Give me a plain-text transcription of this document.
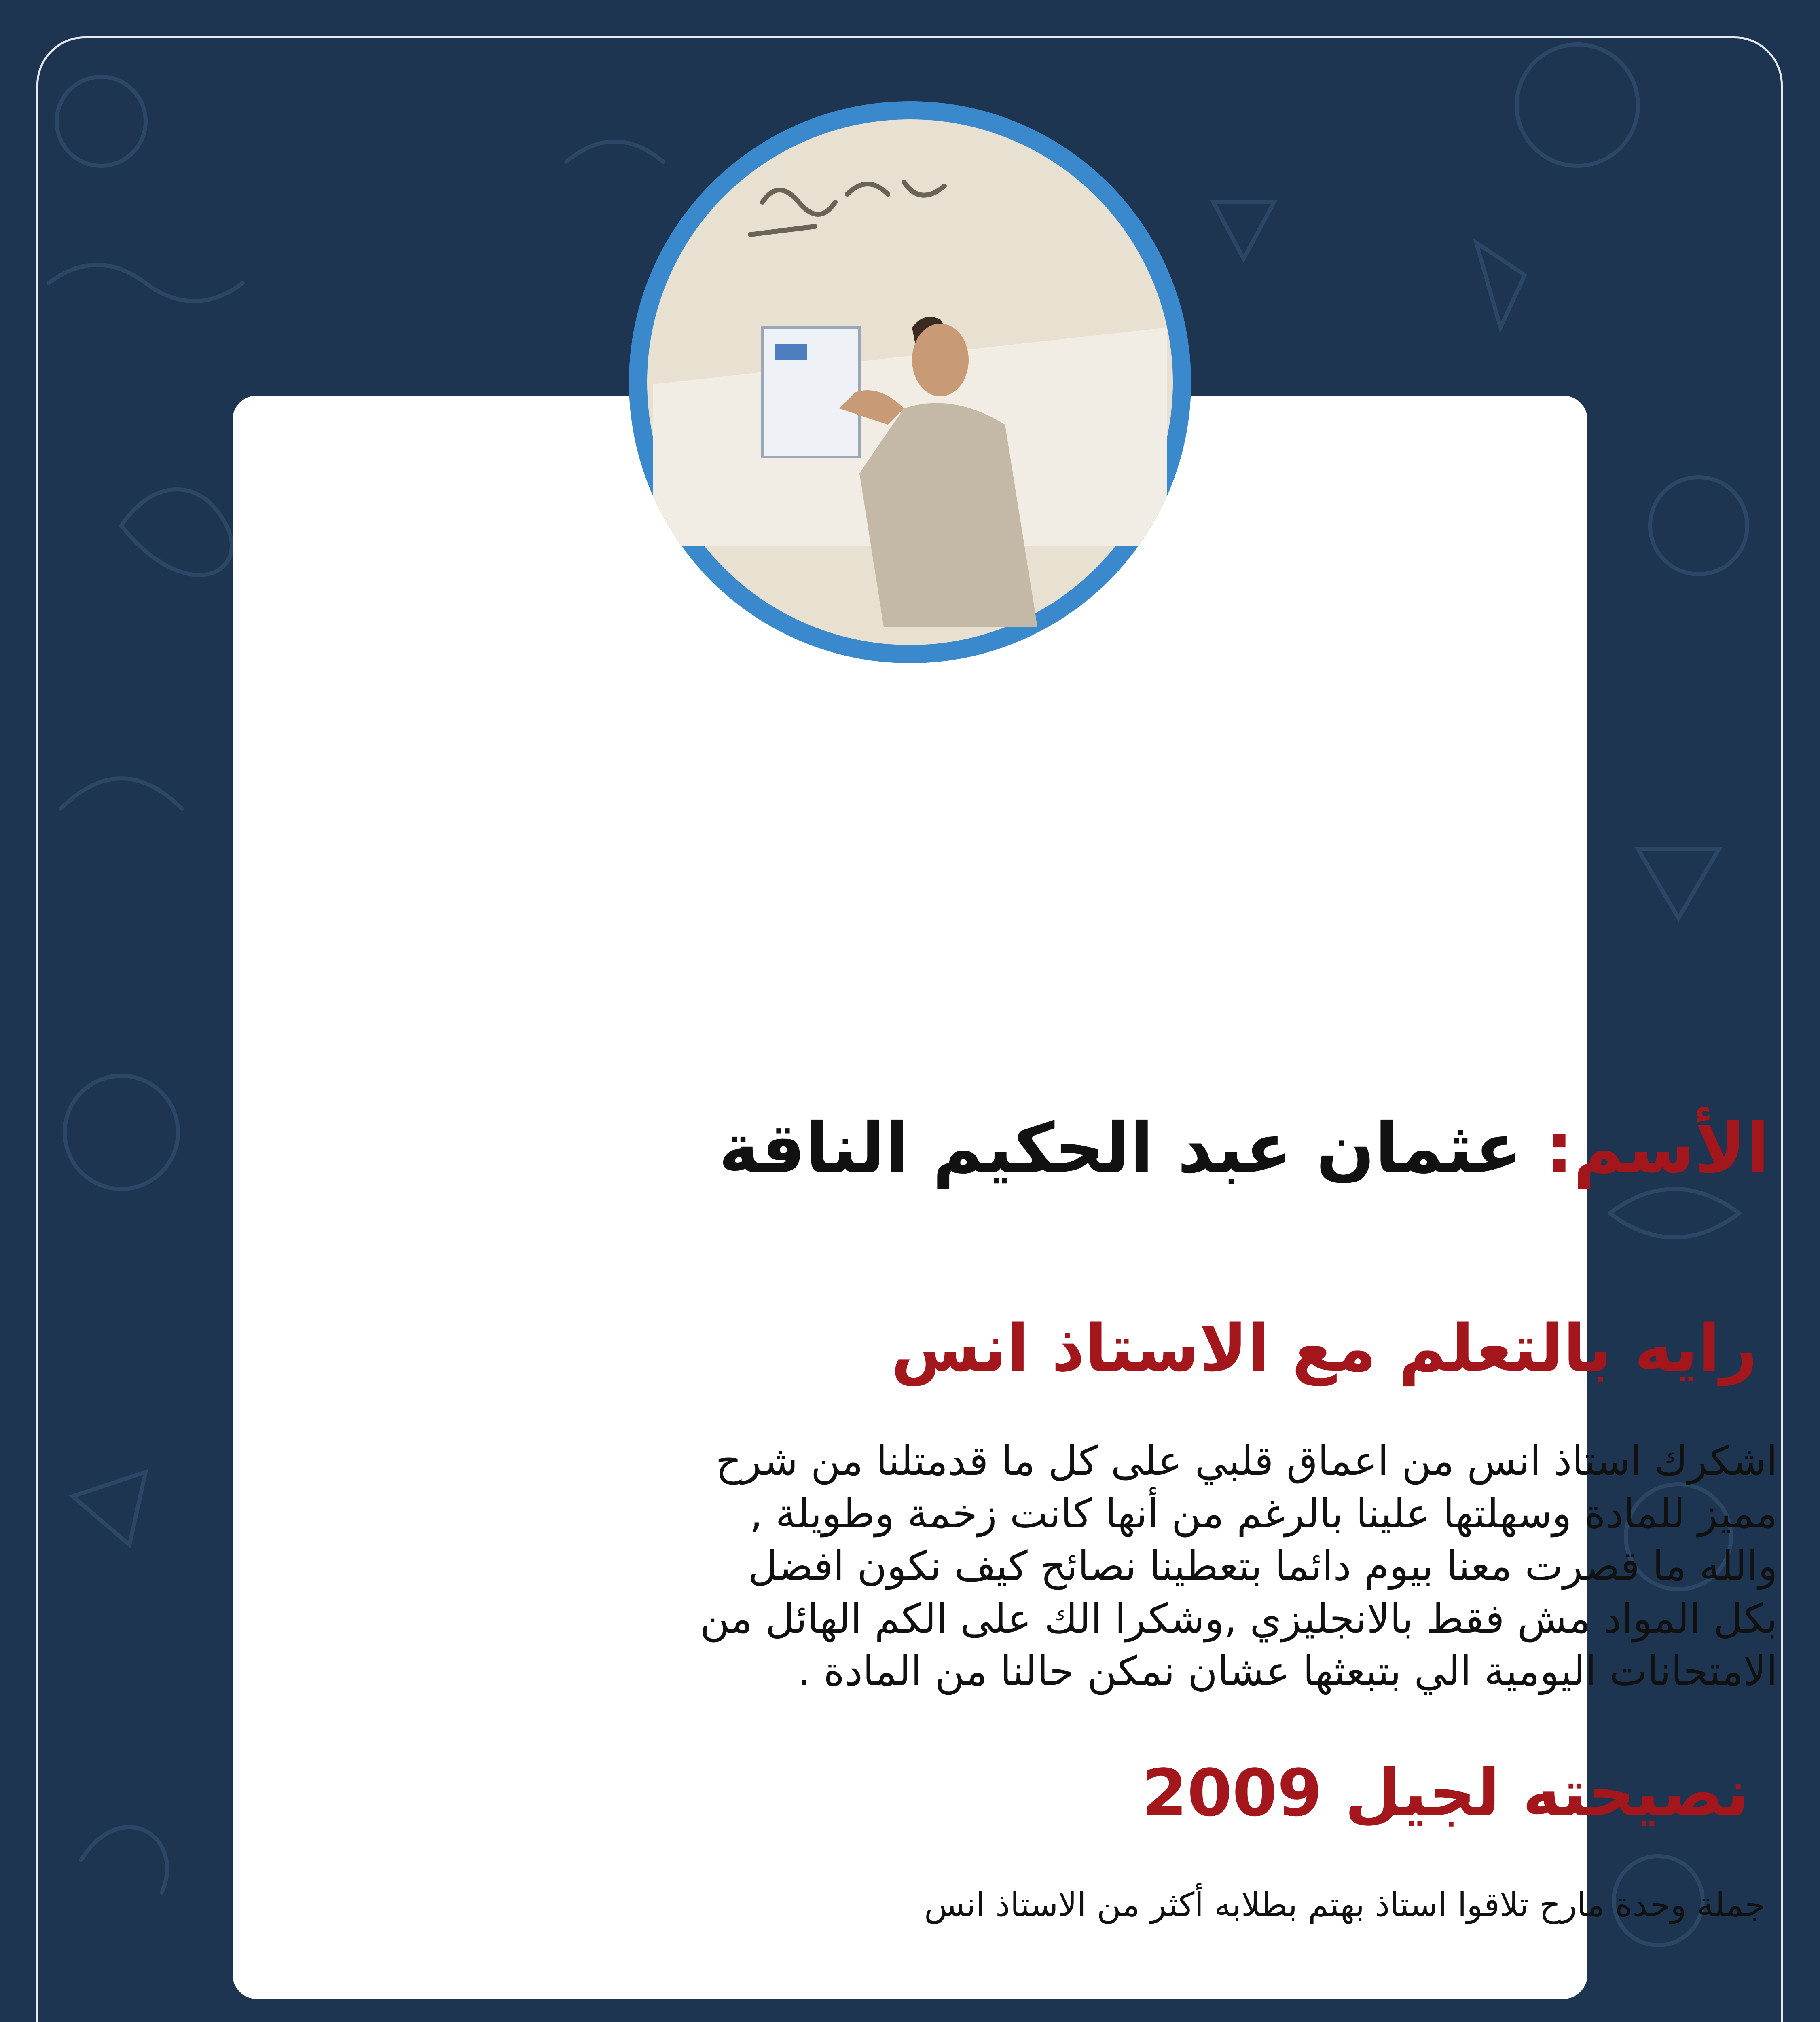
الأسم: عثمان عبد الحكيم الناقة
رايه بالتعلم مع الاستاذ انس
اشكرك استاذ انس من اعماق قلبي على كل ما قدمتلنا من شرح
مميز للمادة وسهلتها علينا بالرغم من أنها كانت زخمة وطويلة ,
والله ما قصرت معنا بيوم دائما بتعطينا نصائح كيف نكون افضل
بكل المواد مش فقط بالانجليزي ,وشكرا الك على الكم الهائل من
الامتحانات اليومية الي بتبعثها عشان نمكن حالنا من المادة .
نصيحته لجيل 2009
جملة وحدة مارح تلاقوا استاذ بهتم بطلابه أكثر من الاستاذ انس
